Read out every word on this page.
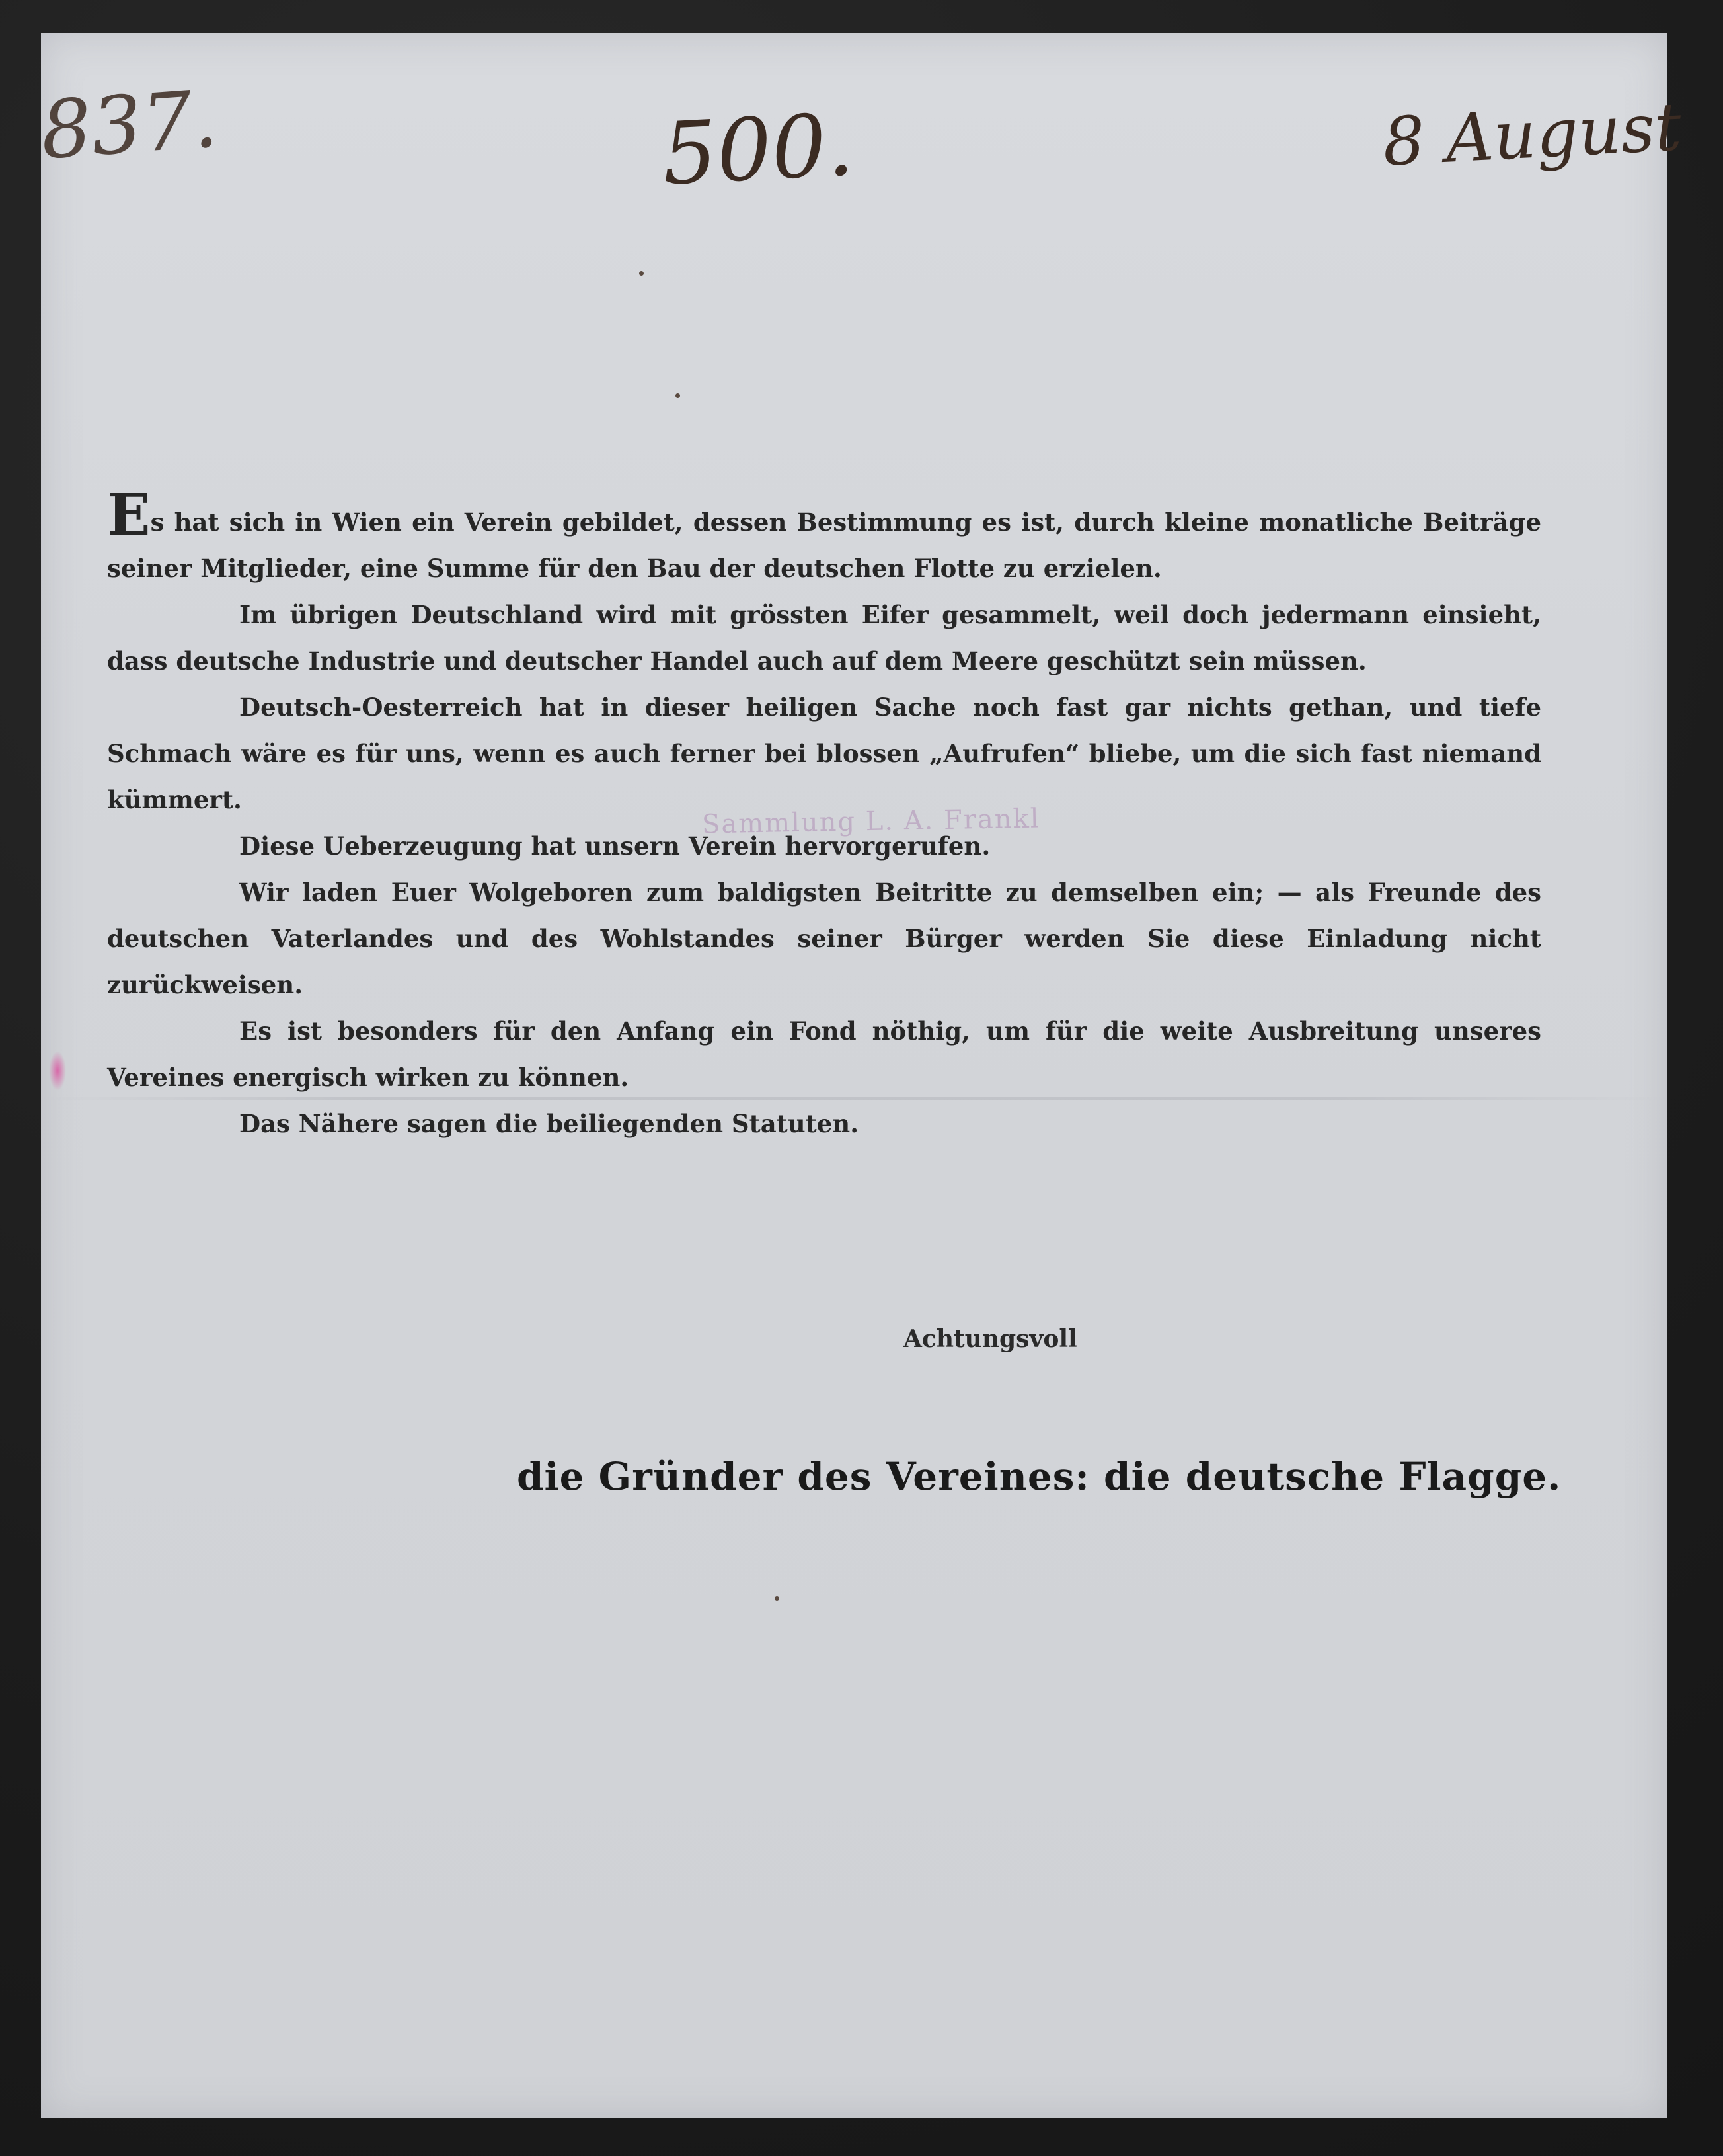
837.	500.	8 August

Es hat sich in Wien ein Verein gebildet, dessen Bestimmung es ist, durch kleine monatliche Beiträge seiner Mitglieder, eine Summe für den Bau der deutschen Flotte zu erzielen.

Im übrigen Deutschland wird mit grössten Eifer gesammelt, weil doch jedermann einsieht, dass deutsche Industrie und deutscher Handel auch auf dem Meere geschützt sein müssen.

Deutsch-Oesterreich hat in dieser heiligen Sache noch fast gar nichts gethan, und tiefe Schmach wäre es für uns, wenn es auch ferner bei blossen „Aufrufen“ bliebe, um die sich fast niemand kümmert.

Diese Ueberzeugung hat unsern Verein hervorgerufen.

Wir laden Euer Wolgeboren zum baldigsten Beitritte zu demselben ein; — als Freunde des deutschen Vaterlandes und des Wohlstandes seiner Bürger werden Sie diese Einladung nicht zurückweisen.

Es ist besonders für den Anfang ein Fond nöthig, um für die weite Ausbreitung unseres Vereines energisch wirken zu können.

Das Nähere sagen die beiliegenden Statuten.

Sammlung L. A. Frankl
Achtungsvoll
die Gründer des Vereines: die deutsche Flagge.
